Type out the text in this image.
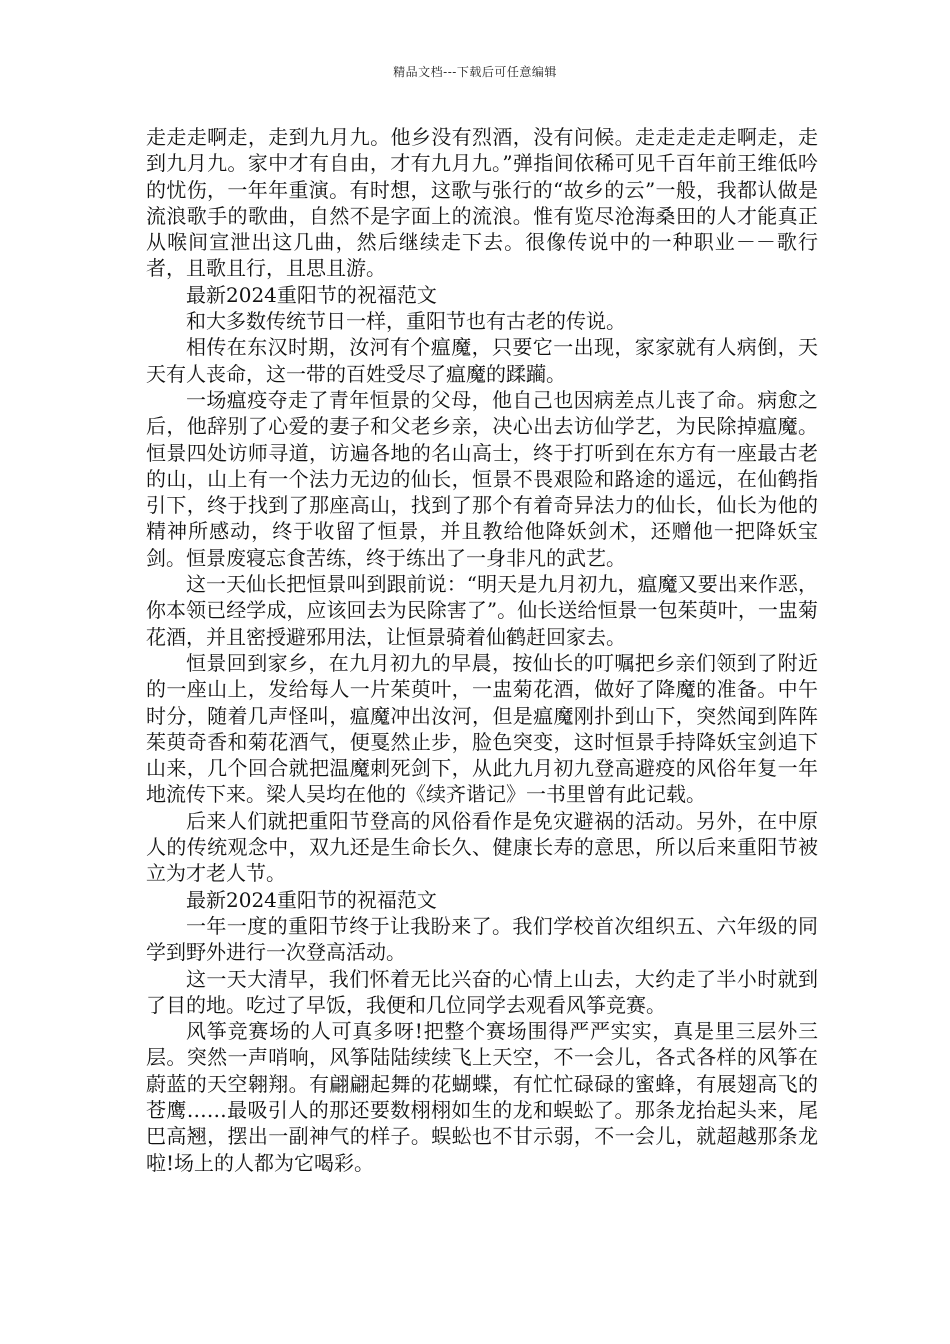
精品文档---下载后可任意编辑

走走走啊走，走到九月九。他乡没有烈酒，没有问候。走走走走走啊走，走到九月九。家中才有自由，才有九月九。”弹指间依稀可见千百年前王维低吟的忧伤，一年年重演。有时想，这歌与张行的“故乡的云”一般，我都认做是流浪歌手的歌曲，自然不是字面上的流浪。惟有览尽沧海桑田的人才能真正从喉间宣泄出这几曲，然后继续走下去。很像传说中的一种职业－－歌行者，且歌且行，且思且游。

最新2024重阳节的祝福范文

和大多数传统节日一样，重阳节也有古老的传说。

相传在东汉时期，汝河有个瘟魔，只要它一出现，家家就有人病倒，天天有人丧命，这一带的百姓受尽了瘟魔的蹂躏。

一场瘟疫夺走了青年恒景的父母，他自己也因病差点儿丧了命。病愈之后，他辞别了心爱的妻子和父老乡亲，决心出去访仙学艺，为民除掉瘟魔。恒景四处访师寻道，访遍各地的名山高士，终于打听到在东方有一座最古老的山，山上有一个法力无边的仙长，恒景不畏艰险和路途的遥远，在仙鹤指引下，终于找到了那座高山，找到了那个有着奇异法力的仙长，仙长为他的精神所感动，终于收留了恒景，并且教给他降妖剑术，还赠他一把降妖宝剑。恒景废寝忘食苦练，终于练出了一身非凡的武艺。

这一天仙长把恒景叫到跟前说：“明天是九月初九，瘟魔又要出来作恶，你本领已经学成，应该回去为民除害了”。仙长送给恒景一包茱萸叶，一盅菊花酒，并且密授避邪用法，让恒景骑着仙鹤赶回家去。

恒景回到家乡，在九月初九的早晨，按仙长的叮嘱把乡亲们领到了附近的一座山上，发给每人一片茱萸叶，一盅菊花酒，做好了降魔的准备。中午时分，随着几声怪叫，瘟魔冲出汝河，但是瘟魔刚扑到山下，突然闻到阵阵茱萸奇香和菊花酒气，便戛然止步，脸色突变，这时恒景手持降妖宝剑追下山来，几个回合就把温魔刺死剑下，从此九月初九登高避疫的风俗年复一年地流传下来。梁人吴均在他的《续齐谐记》一书里曾有此记载。

后来人们就把重阳节登高的风俗看作是免灾避祸的活动。另外，在中原人的传统观念中，双九还是生命长久、健康长寿的意思，所以后来重阳节被立为才老人节。

最新2024重阳节的祝福范文

一年一度的重阳节终于让我盼来了。我们学校首次组织五、六年级的同学到野外进行一次登高活动。

这一天大清早，我们怀着无比兴奋的心情上山去，大约走了半小时就到了目的地。吃过了早饭，我便和几位同学去观看风筝竞赛。

风筝竞赛场的人可真多呀!把整个赛场围得严严实实，真是里三层外三层。突然一声哨响，风筝陆陆续续飞上天空，不一会儿，各式各样的风筝在蔚蓝的天空翱翔。有翩翩起舞的花蝴蝶，有忙忙碌碌的蜜蜂，有展翅高飞的苍鹰……最吸引人的那还要数栩栩如生的龙和蜈蚣了。那条龙抬起头来，尾巴高翘，摆出一副神气的样子。蜈蚣也不甘示弱，不一会儿，就超越那条龙啦!场上的人都为它喝彩。
